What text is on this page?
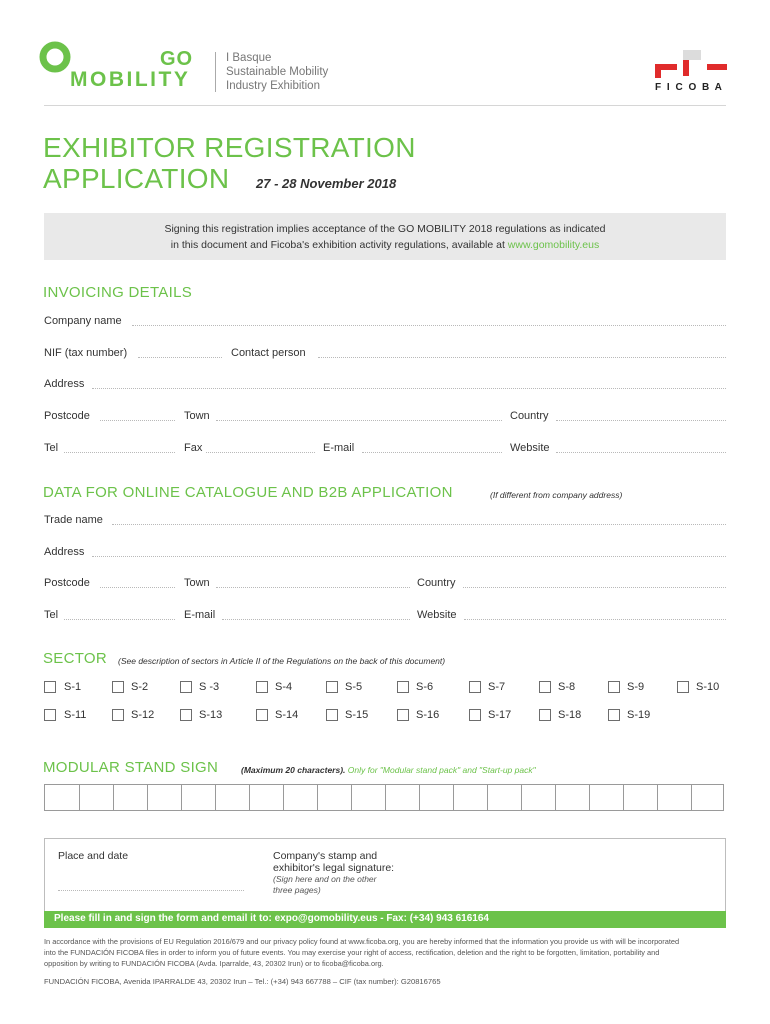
GO
MOBILITY
I Basque
Sustainable Mobility
Industry Exhibition	F I C O B A
EXHIBITOR REGISTRATION
APPLICATION 27 - 28 November 2018
Signing this registration implies acceptance of the GO MOBILITY 2018 regulations as indicated
in this document and Ficoba's exhibition activity regulations, available at www.gomobility.eus
INVOICING DETAILS
Company name
NIF (tax number)	Contact person
Address
Postcode	Town	Country
Tel	Fax	E-mail	Website
DATA FOR ONLINE CATALOGUE AND B2B APPLICATION	(If different from company address)
Trade name
Address
Postcode	Town	Country
Tel	E-mail	Website
SECTOR (See description of sectors in Article II of the Regulations on the back of this document)
S-1	S-2	S -3	S-4	S-5	S-6	S-7	S-8	S-9	S-10
S-11	S-12	S-13	S-14	S-15	S-16	S-17	S-18	S-19
MODULAR STAND SIGN	(Maximum 20 characters). Only for "Modular stand pack" and "Start-up pack"
Place and date	Company's stamp and
exhibitor's legal signature:
(Sign here and on the other
three pages)
Please fill in and sign the form and email it to: expo@gomobility.eus - Fax: (+34) 943 616164
In accordance with the provisions of EU Regulation 2016/679 and our privacy policy found at www.ficoba.org, you are hereby informed that the information you provide us with will be incorporated
into the FUNDACIÓN FICOBA files in order to inform you of future events. You may exercise your right of access, rectification, deletion and the right to be forgotten, limitation, portability and
opposition by writing to FUNDACIÓN FICOBA (Avda. Iparralde, 43, 20302 Irun) or to ficoba@ficoba.org.
FUNDACIÓN FICOBA, Avenida IPARRALDE 43, 20302 Irun – Tel.: (+34) 943 667788 – CIF (tax number): G20816765
